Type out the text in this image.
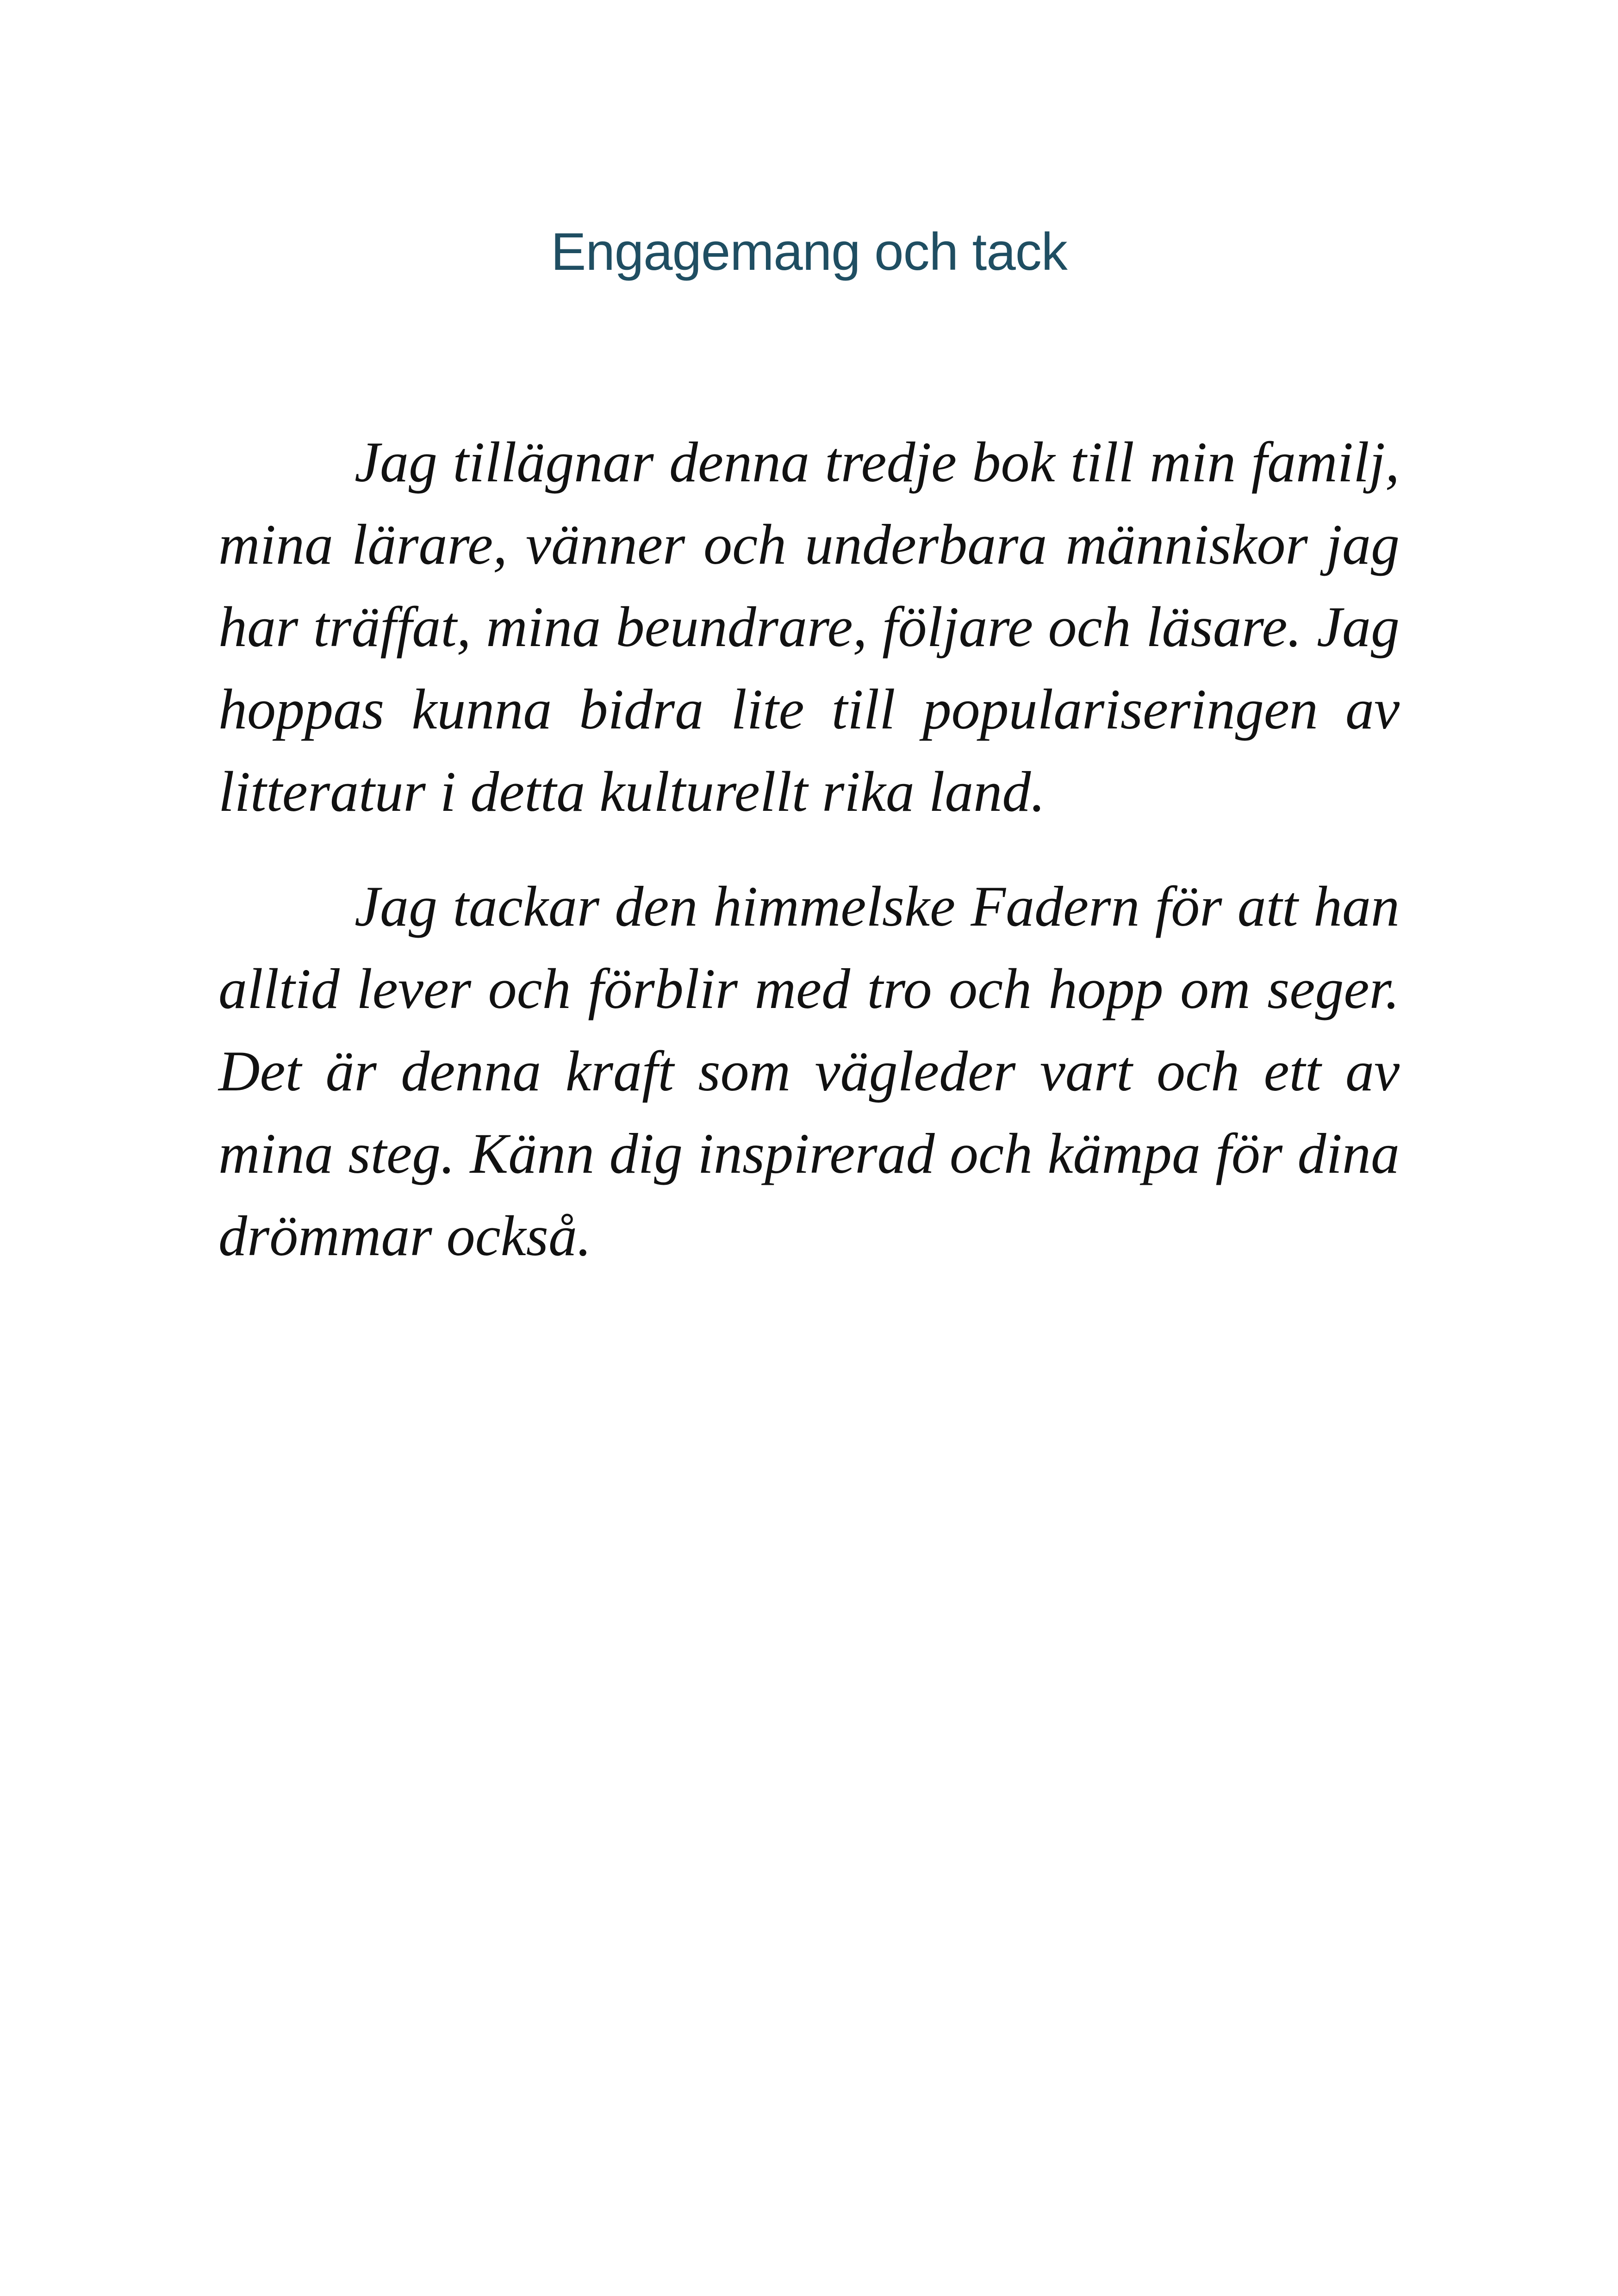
Engagemang och tack

Jag tillägnar denna tredje bok till min familj, mina lärare, vänner och underbara människor jag har träffat, mina beundrare, följare och läsare. Jag hoppas kunna bidra lite till populariseringen av litteratur i detta kulturellt rika land.

Jag tackar den himmelske Fadern för att han alltid lever och förblir med tro och hopp om seger. Det är denna kraft som vägleder vart och ett av mina steg. Känn dig inspirerad och kämpa för dina drömmar också.
